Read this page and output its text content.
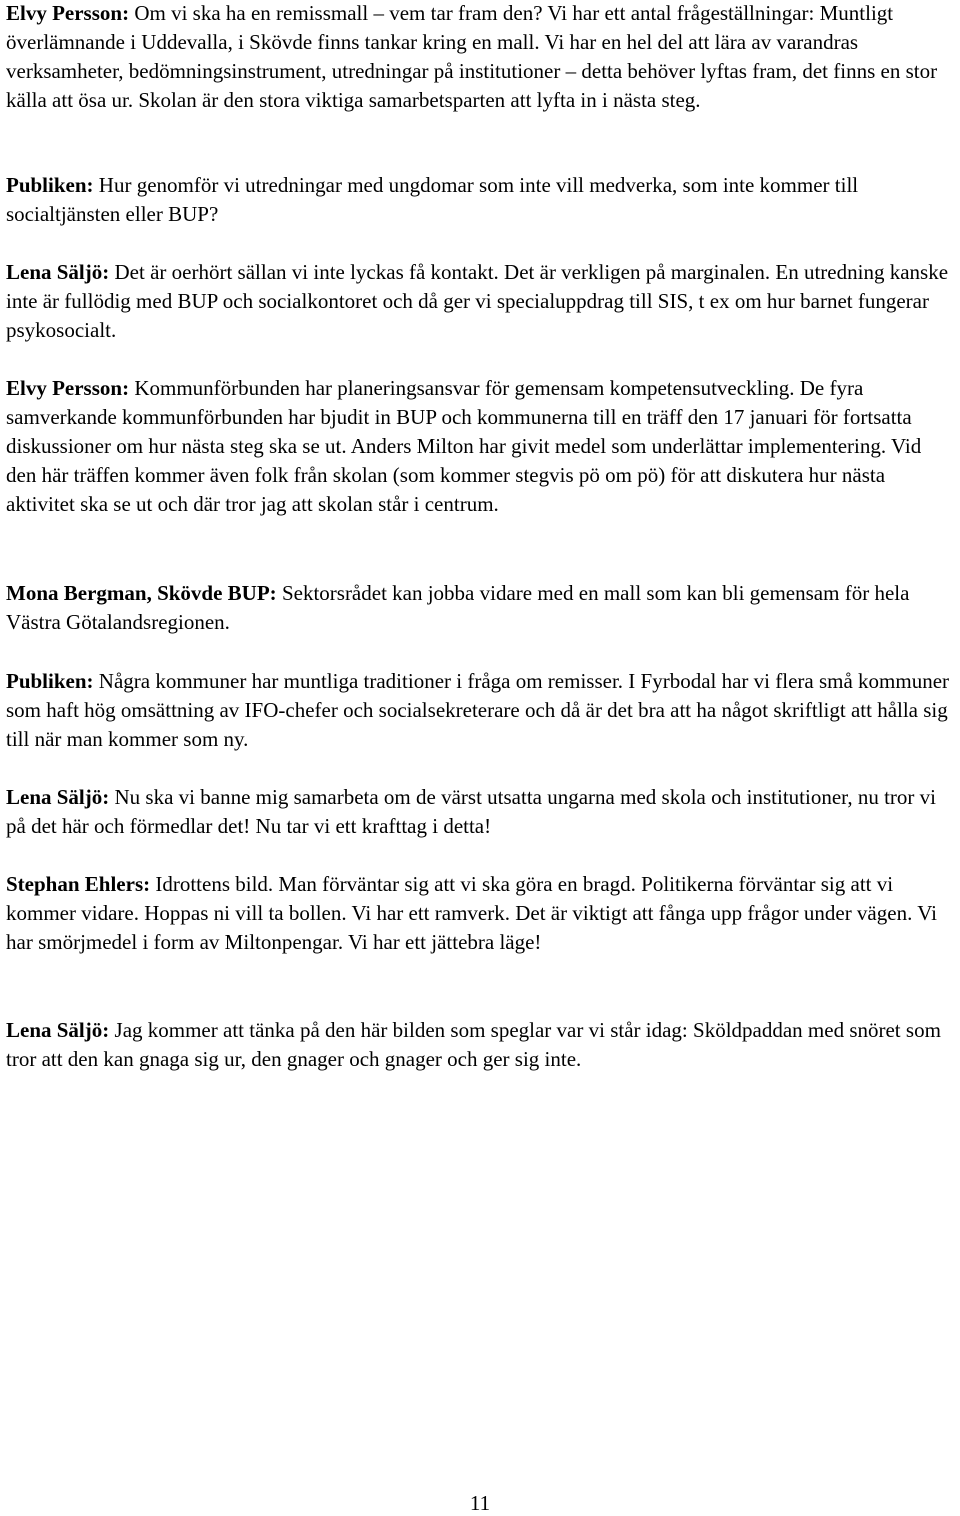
Elvy Persson: Om vi ska ha en remissmall – vem tar fram den? Vi har ett antal frågeställningar: Muntligt överlämnande i Uddevalla, i Skövde finns tankar kring en mall. Vi har en hel del att lära av varandras verksamheter, bedömningsinstrument, utredningar på institutioner – detta behöver lyftas fram, det finns en stor källa att ösa ur. Skolan är den stora viktiga samarbetsparten att lyfta in i nästa steg.

Publiken: Hur genomför vi utredningar med ungdomar som inte vill medverka, som inte kommer till socialtjänsten eller BUP?

Lena Säljö: Det är oerhört sällan vi inte lyckas få kontakt. Det är verkligen på marginalen. En utredning kanske inte är fullödig med BUP och socialkontoret och då ger vi specialuppdrag till SIS, t ex om hur barnet fungerar psykosocialt.

Elvy Persson: Kommunförbunden har planeringsansvar för gemensam kompetensutveckling. De fyra samverkande kommunförbunden har bjudit in BUP och kommunerna till en träff den 17 januari för fortsatta diskussioner om hur nästa steg ska se ut. Anders Milton har givit medel som underlättar implementering. Vid den här träffen kommer även folk från skolan (som kommer stegvis pö om pö) för att diskutera hur nästa aktivitet ska se ut och där tror jag att skolan står i centrum.

Mona Bergman, Skövde BUP: Sektorsrådet kan jobba vidare med en mall som kan bli gemensam för hela Västra Götalandsregionen.

Publiken: Några kommuner har muntliga traditioner i fråga om remisser. I Fyrbodal har vi flera små kommuner som haft hög omsättning av IFO-chefer och socialsekreterare och då är det bra att ha något skriftligt att hålla sig till när man kommer som ny.

Lena Säljö: Nu ska vi banne mig samarbeta om de värst utsatta ungarna med skola och institutioner, nu tror vi på det här och förmedlar det! Nu tar vi ett krafttag i detta!

Stephan Ehlers: Idrottens bild. Man förväntar sig att vi ska göra en bragd. Politikerna förväntar sig att vi kommer vidare. Hoppas ni vill ta bollen. Vi har ett ramverk. Det är viktigt att fånga upp frågor under vägen. Vi har smörjmedel i form av Miltonpengar. Vi har ett jättebra läge!

Lena Säljö: Jag kommer att tänka på den här bilden som speglar var vi står idag: Sköldpaddan med snöret som tror att den kan gnaga sig ur, den gnager och gnager och ger sig inte.

11
